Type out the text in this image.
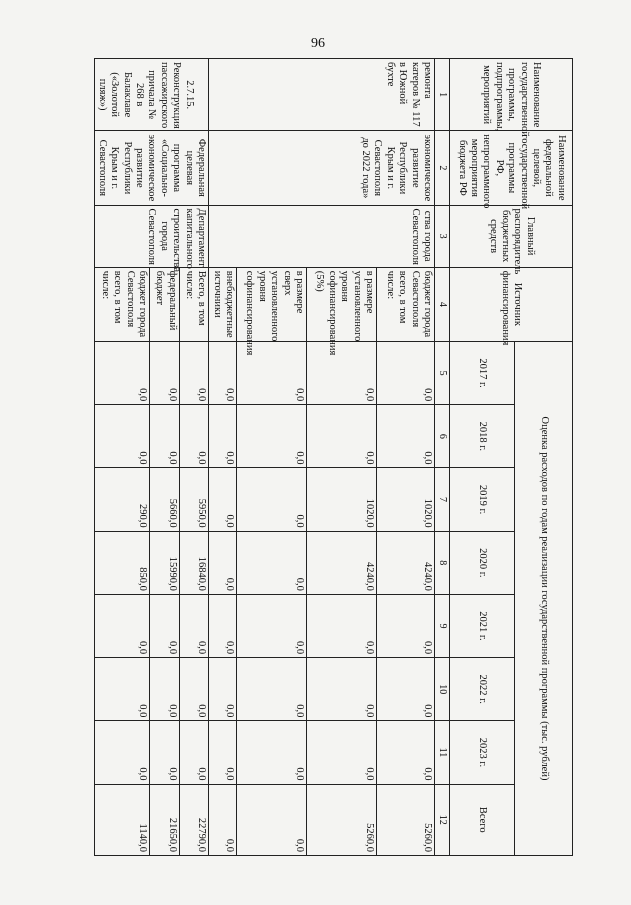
96
Наименование государственной программы, подпрограммы, мероприятий	Наименование федеральной целевой, государственной программы РФ, непрограммного мероприятия бюджета РФ	Главный распорядитель бюджетных средств	Источник финансирования	Оценка расходов по годам реализации государственной программы (тыс. рублей)							
				2017 г.	2018 г.	2019 г.	2020 г.	2021 г.	2022 г.	2023 г.	Всего
1	2	3	4	5	6	7	8	9	10	11	12
ремонта катеров № 117 в Южной бухте	экономическое развитие Республики Крым и г. Севастополя до 2022 года»	ства города Севастополя	бюджет города Севастополя всего, в том числе:	0,0	0,0	1020,0	4240,0	0,0	0,0	0,0	5260,0
			в размере установленного уровня софинансирования (5%)	0,0	0,0	1020,0	4240,0	0,0	0,0	0,0	5260,0
			в размере сверх установленного уровня софинансирования	0,0	0,0	0,0	0,0	0,0	0,0	0,0	0,0
			внебюджетные источники	0,0	0,0	0,0	0,0	0,0	0,0	0,0	0,0
2.7.15. Реконструкция пассажирского причала № 268 в Балаклаве («Золотой пляж»)	Федеральная целевая программа «Социально-экономическое развитие Республики Крым и г. Севастополя	Департамент капитального строительства города Севастополя	Всего, в том числе:	0,0	0,0	5950,0	16840,0	0,0	0,0	0,0	22790,0
			федеральный бюджет	0,0	0,0	5660,0	15990,0	0,0	0,0	0,0	21650,0
			бюджет города Севастополя всего, в том числе:	0,0	0,0	290,0	850,0	0,0	0,0	0,0	1140,0
